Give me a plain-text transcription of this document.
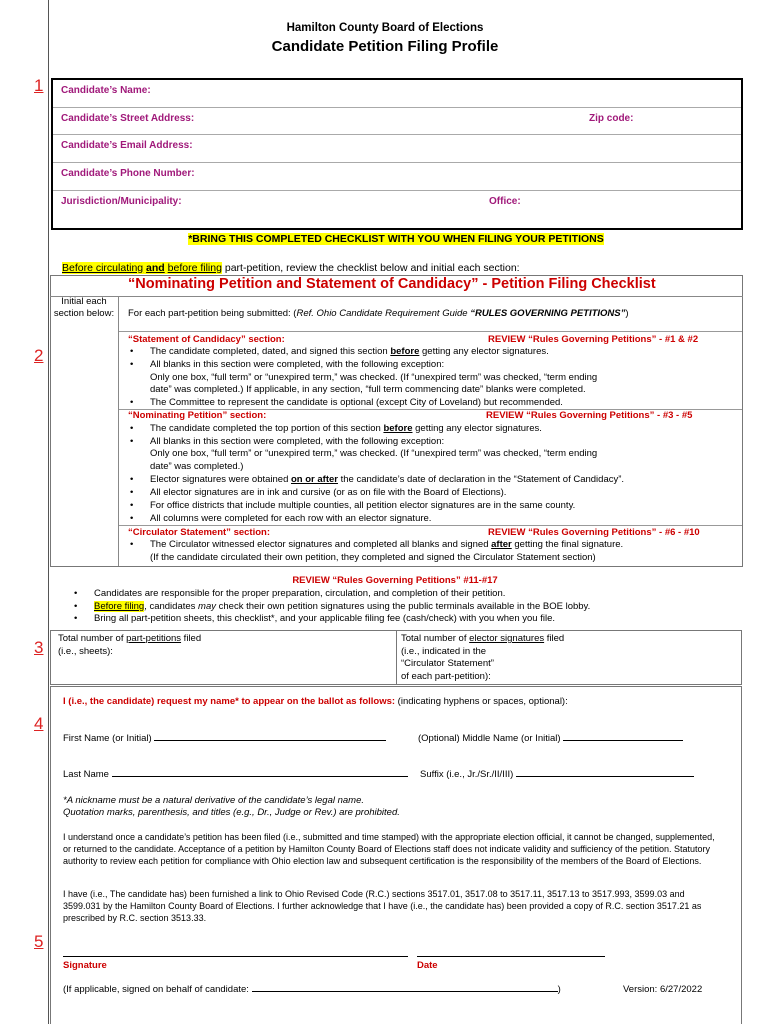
Hamilton County Board of Elections
Candidate Petition Filing Profile
1
2
3
4
5
Candidate’s Name:
Candidate’s Street Address:	Zip code:
Candidate’s Email Address:
Candidate’s Phone Number:
Jurisdiction/Municipality:	Office:
*BRING THIS COMPLETED CHECKLIST WITH YOU WHEN FILING YOUR PETITIONS
Before circulating and before filing part-petition, review the checklist below and initial each section:
“Nominating Petition and Statement of Candidacy” - Petition Filing Checklist
Initial each section below:	For each part-petition being submitted: (Ref. Ohio Candidate Requirement Guide “RULES GOVERNING PETITIONS”)
“Statement of Candidacy” section:	REVIEW “Rules Governing Petitions” - #1 & #2
• The candidate completed, dated, and signed this section before getting any elector signatures.
• All blanks in this section were completed, with the following exception:
Only one box, “full term” or “unexpired term,” was checked. (If “unexpired term” was checked, “term ending
date” was completed.) If applicable, in any section, “full term commencing date” blanks were completed.
• The Committee to represent the candidate is optional (except City of Loveland) but recommended.
“Nominating Petition” section:	REVIEW “Rules Governing Petitions” - #3 - #5
• The candidate completed the top portion of this section before getting any elector signatures.
• All blanks in this section were completed, with the following exception:
Only one box, “full term” or “unexpired term,” was checked. (If “unexpired term” was checked, “term ending
date” was completed.)
• Elector signatures were obtained on or after the candidate’s date of declaration in the “Statement of Candidacy”.
• All elector signatures are in ink and cursive (or as on file with the Board of Elections).
• For office districts that include multiple counties, all petition elector signatures are in the same county.
• All columns were completed for each row with an elector signature.
“Circulator Statement” section:	REVIEW “Rules Governing Petitions” - #6 - #10
• The Circulator witnessed elector signatures and completed all blanks and signed after getting the final signature.
(If the candidate circulated their own petition, they completed and signed the Circulator Statement section)
REVIEW “Rules Governing Petitions” #11-#17
• Candidates are responsible for the proper preparation, circulation, and completion of their petition.
• Before filing, candidates may check their own petition signatures using the public terminals available in the BOE lobby.
• Bring all part-petition sheets, this checklist*, and your applicable filing fee (cash/check) with you when you file.
Total number of part-petitions filed
(i.e., sheets):
Total number of elector signatures filed
(i.e., indicated in the
“Circulator Statement”
of each part-petition):
I (i.e., the candidate) request my name* to appear on the ballot as follows: (indicating hyphens or spaces, optional):
First Name (or Initial)	(Optional) Middle Name (or Initial)
Last Name	Suffix (i.e., Jr./Sr./II/III)
*A nickname must be a natural derivative of the candidate’s legal name.
Quotation marks, parenthesis, and titles (e.g., Dr., Judge or Rev.) are prohibited.
I understand once a candidate’s petition has been filed (i.e., submitted and time stamped) with the appropriate election official, it cannot be changed, supplemented, or returned to the candidate. Acceptance of a petition by Hamilton County Board of Elections staff does not indicate validity and sufficiency of the petition. Statutory authority to review each petition for compliance with Ohio election law and subsequent certification is the responsibility of the members of the Board of Elections.
I have (i.e., The candidate has) been furnished a link to Ohio Revised Code (R.C.) sections 3517.01, 3517.08 to 3517.11, 3517.13 to 3517.993, 3599.03 and 3599.031 by the Hamilton County Board of Elections. I further acknowledge that I have (i.e., the candidate has) been provided a copy of R.C. section 3517.21 as prescribed by R.C. section 3513.33.
Signature	Date
(If applicable, signed on behalf of candidate:	)	Version: 6/27/2022
